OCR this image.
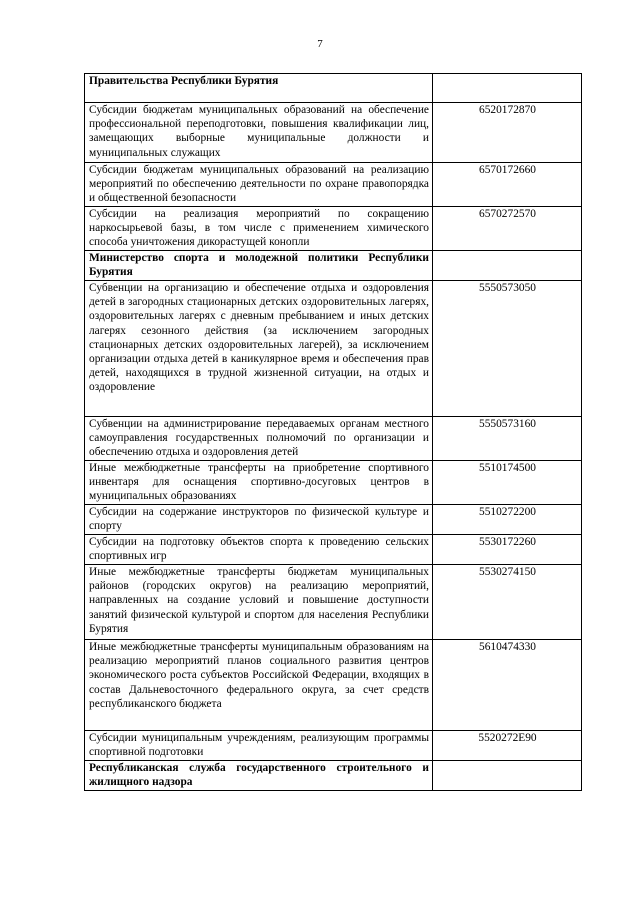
7
Правительства Республики Бурятия	
Субсидии бюджетам муниципальных образований на обеспечение профессиональной переподготовки, повышения квалификации лиц, замещающих выборные муниципальные должности и муниципальных служащих	6520172870
Субсидии бюджетам муниципальных образований на реализацию мероприятий по обеспечению деятельности по охране правопорядка и общественной безопасности	6570172660
Субсидии на реализация мероприятий по сокращению наркосырьевой базы, в том числе с применением химического способа уничтожения дикорастущей конопли	6570272570
Министерство спорта и молодежной политики Республики Бурятия	
Субвенции на организацию и обеспечение отдыха и оздоровления детей в загородных стационарных детских оздоровительных лагерях, оздоровительных лагерях с дневным пребыванием и иных детских лагерях сезонного действия (за исключением загородных стационарных детских оздоровительных лагерей), за исключением организации отдыха детей в каникулярное время и обеспечения прав детей, находящихся в трудной жизненной ситуации, на отдых и оздоровление	5550573050
Субвенции на администрирование передаваемых органам местного самоуправления государственных полномочий по организации и обеспечению отдыха и оздоровления детей	5550573160
Иные межбюджетные трансферты на приобретение спортивного инвентаря для оснащения спортивно-досуговых центров в муниципальных образованиях	5510174500
Субсидии на содержание инструкторов по физической культуре и спорту	5510272200
Субсидии на подготовку объектов спорта к проведению сельских спортивных игр	5530172260
Иные межбюджетные трансферты бюджетам муниципальных районов (городских округов) на реализацию мероприятий, направленных на создание условий и повышение доступности занятий физической культурой и спортом для населения Республики Бурятия	5530274150
Иные межбюджетные трансферты муниципальным образованиям на реализацию мероприятий планов социального развития центров экономического роста субъектов Российской Федерации, входящих в состав Дальневосточного федерального округа, за счет средств республиканского бюджета	5610474330
Субсидии муниципальным учреждениям, реализующим программы спортивной подготовки	5520272Е90
Республиканская служба государственного строительного и жилищного надзора	
